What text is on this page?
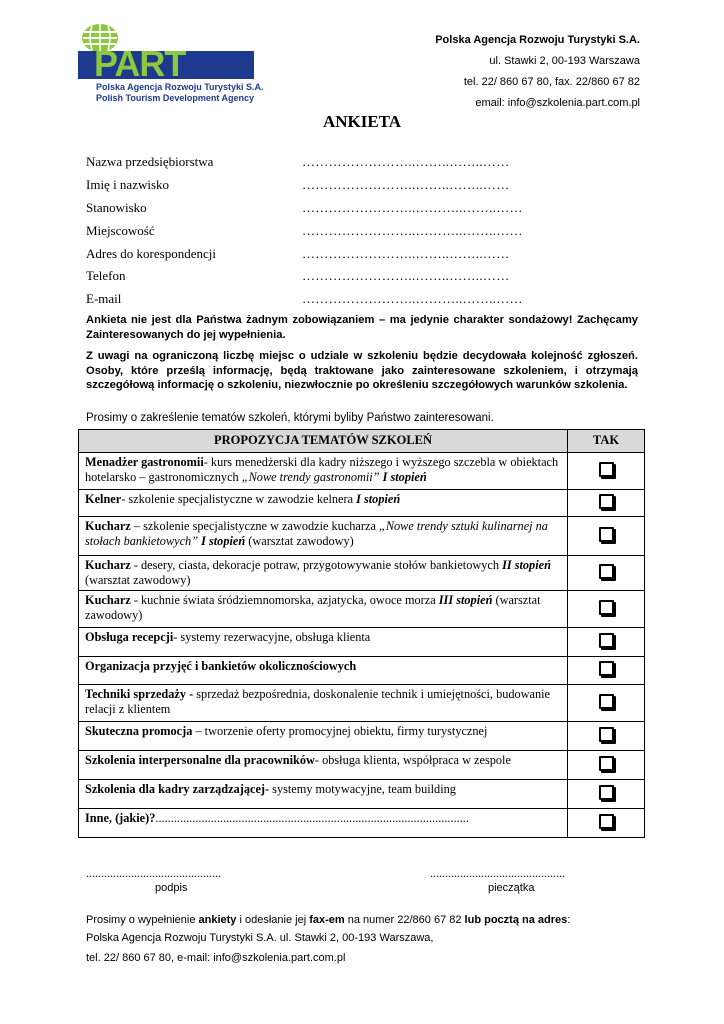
PART
Polska Agencja Rozwoju Turystyki S.A.
Polish Tourism Development Agency
Polska Agencja Rozwoju Turystyki S.A.
ul. Stawki 2, 00-193 Warszawa
tel. 22/ 860 67 80, fax. 22/860 67 82
email: info@szkolenia.part.com.pl
ANKIETA
Nazwa przedsiębiorstwa	……………………..……..……..……
Imię i nazwisko	……………………..……..……..……
Stanowisko	……………………..………..……..……
Miejscowość	……………………..………..……..……
Adres do korespondencji	……………………..……..……..……
Telefon	……………………..……..……..……
E-mail	……………………..………..……..……
Ankieta nie jest dla Państwa żadnym zobowiązaniem – ma jedynie charakter sondażowy! Zachęcamy Zainteresowanych do jej wypełnienia.
Z uwagi na ograniczoną liczbę miejsc o udziale w szkoleniu będzie decydowała kolejność zgłoszeń. Osoby, które prześlą informację, będą traktowane jako zainteresowane szkoleniem, i otrzymają szczegółową informację o szkoleniu, niezwłocznie po określeniu szczegółowych warunków szkolenia.
Prosimy o zakreślenie tematów szkoleń, którymi byliby Państwo zainteresowani.
PROPOZYCJA TEMATÓW SZKOLEŃ	TAK
Menadżer gastronomii- kurs menedżerski dla kadry niższego i wyższego szczebla w obiektach hotelarsko – gastronomicznych „Nowe trendy gastronomii” I stopień	
Kelner- szkolenie specjalistyczne w zawodzie kelnera I stopień	
Kucharz – szkolenie specjalistyczne w zawodzie kucharza „Nowe trendy sztuki kulinarnej na stołach bankietowych” I stopień (warsztat zawodowy)	
Kucharz - desery, ciasta, dekoracje potraw, przygotowywanie stołów bankietowych II stopień (warsztat zawodowy)	
Kucharz - kuchnie świata śródziemnomorska, azjatycka, owoce morza III stopień (warsztat zawodowy)	
Obsługa recepcji- systemy rezerwacyjne, obsługa klienta	
Organizacja przyjęć i bankietów okolicznościowych	
Techniki sprzedaży - sprzedaż bezpośrednia, doskonalenie technik i umiejętności, budowanie relacji z klientem	
Skuteczna promocja – tworzenie oferty promocyjnej obiektu, firmy turystycznej	
Szkolenia interpersonalne dla pracowników- obsługa klienta, współpraca w zespole	
Szkolenia dla kadry zarządzającej- systemy motywacyjne, team building	
Inne, (jakie)?......................................................................................................	
.............................................
podpis
.............................................
pieczątka
Prosimy o wypełnienie ankiety i odesłanie jej fax-em na numer 22/860 67 82 lub pocztą na adres:
Polska Agencja Rozwoju Turystyki S.A. ul. Stawki 2, 00-193 Warszawa,
tel. 22/ 860 67 80, e-mail: info@szkolenia.part.com.pl
